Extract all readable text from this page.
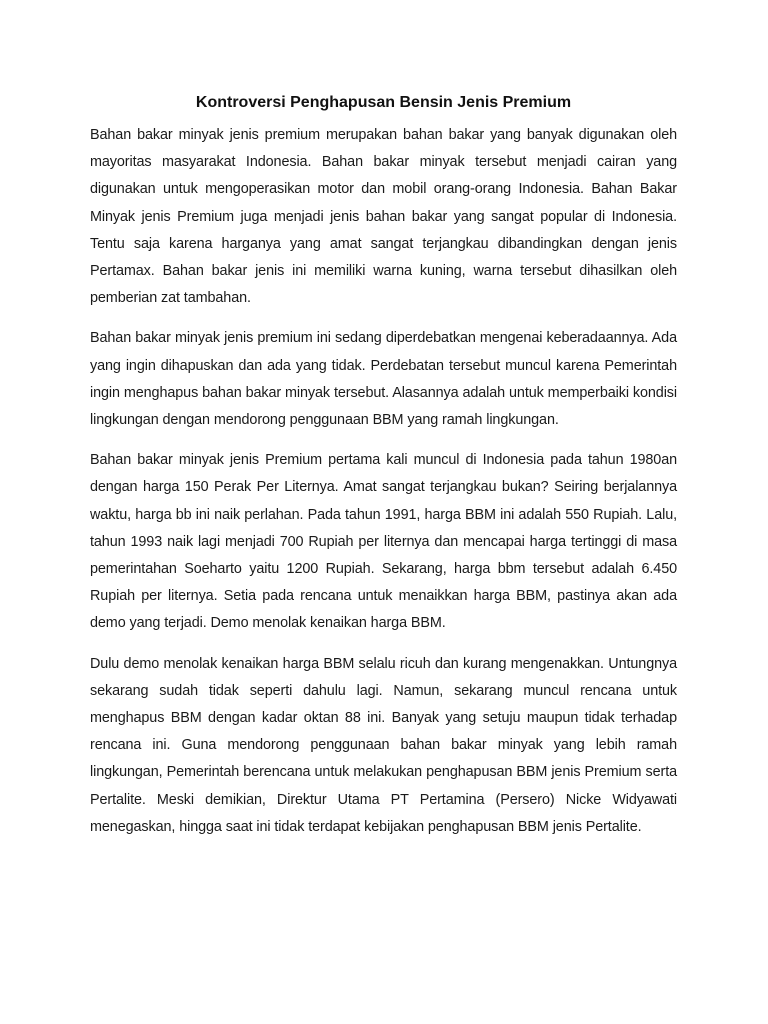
Kontroversi Penghapusan Bensin Jenis Premium

Bahan bakar minyak jenis premium merupakan bahan bakar yang banyak digunakan oleh mayoritas masyarakat Indonesia. Bahan bakar minyak tersebut menjadi cairan yang digunakan untuk mengoperasikan motor dan mobil orang-orang Indonesia. Bahan Bakar Minyak jenis Premium juga menjadi jenis bahan bakar yang sangat popular di Indonesia. Tentu saja karena harganya yang amat sangat terjangkau dibandingkan dengan jenis Pertamax. Bahan bakar jenis ini memiliki warna kuning, warna tersebut dihasilkan oleh pemberian zat tambahan.

Bahan bakar minyak jenis premium ini sedang diperdebatkan mengenai keberadaannya. Ada yang ingin dihapuskan dan ada yang tidak. Perdebatan tersebut muncul karena Pemerintah ingin menghapus bahan bakar minyak tersebut. Alasannya adalah untuk memperbaiki kondisi lingkungan dengan mendorong penggunaan BBM yang ramah lingkungan.

Bahan bakar minyak jenis Premium pertama kali muncul di Indonesia pada tahun 1980an dengan harga 150 Perak Per Liternya. Amat sangat terjangkau bukan? Seiring berjalannya waktu, harga bb ini naik perlahan. Pada tahun 1991, harga BBM ini adalah 550 Rupiah. Lalu, tahun 1993 naik lagi menjadi 700 Rupiah per liternya dan mencapai harga tertinggi di masa pemerintahan Soeharto yaitu 1200 Rupiah. Sekarang, harga bbm tersebut adalah 6.450 Rupiah per liternya. Setia pada rencana untuk menaikkan harga BBM, pastinya akan ada demo yang terjadi. Demo menolak kenaikan harga BBM.

Dulu demo menolak kenaikan harga BBM selalu ricuh dan kurang mengenakkan. Untungnya sekarang sudah tidak seperti dahulu lagi. Namun, sekarang muncul rencana untuk menghapus BBM dengan kadar oktan 88 ini. Banyak yang setuju maupun tidak terhadap rencana ini. Guna mendorong penggunaan bahan bakar minyak yang lebih ramah lingkungan, Pemerintah berencana untuk melakukan penghapusan BBM jenis Premium serta Pertalite. Meski demikian, Direktur Utama PT Pertamina (Persero) Nicke Widyawati menegaskan, hingga saat ini tidak terdapat kebijakan penghapusan BBM jenis Pertalite.
